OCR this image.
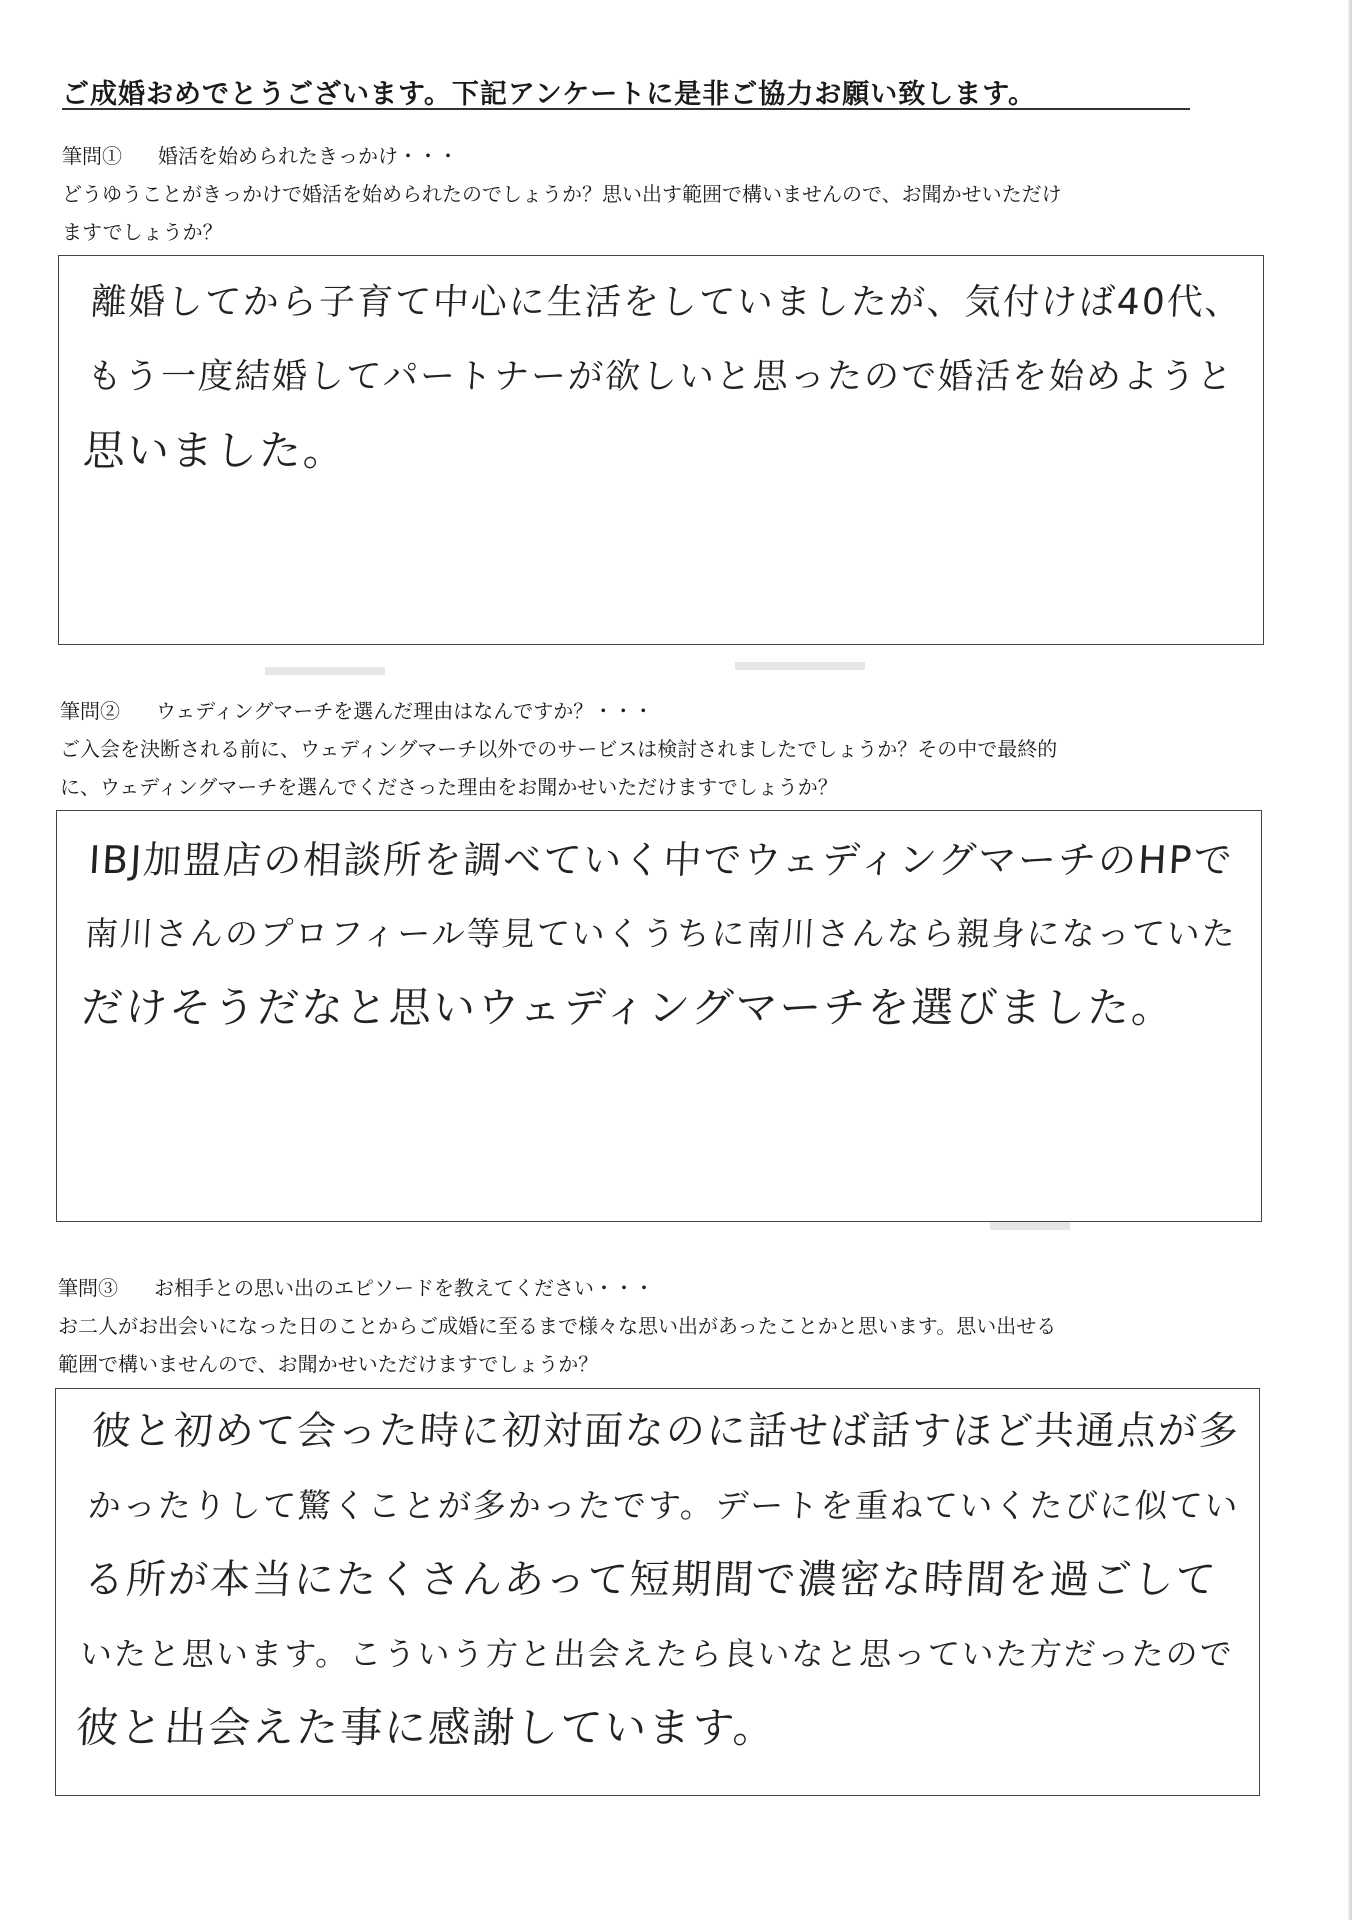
ご成婚おめでとうございます。下記アンケートに是非ご協力お願い致します。
筆問① 婚活を始められたきっかけ・・・
どうゆうことがきっかけで婚活を始められたのでしょうか？思い出す範囲で構いませんので、お聞かせいただけ
ますでしょうか？
離婚してから子育て中心に生活をしていましたが、気付けば40代、
もう一度結婚してパートナーが欲しいと思ったので婚活を始めようと
思いました。
筆問② ウェディングマーチを選んだ理由はなんですか？・・・
ご入会を決断される前に、ウェディングマーチ以外でのサービスは検討されましたでしょうか？その中で最終的
に、ウェディングマーチを選んでくださった理由をお聞かせいただけますでしょうか？
IBJ加盟店の相談所を調べていく中でウェディングマーチのHPで
南川さんのプロフィール等見ていくうちに南川さんなら親身になっていた
だけそうだなと思いウェディングマーチを選びました。
筆問③ お相手との思い出のエピソードを教えてください・・・
お二人がお出会いになった日のことからご成婚に至るまで様々な思い出があったことかと思います。思い出せる
範囲で構いませんので、お聞かせいただけますでしょうか？
彼と初めて会った時に初対面なのに話せば話すほど共通点が多
かったりして驚くことが多かったです。デートを重ねていくたびに似てい
る所が本当にたくさんあって短期間で濃密な時間を過ごして
いたと思います。こういう方と出会えたら良いなと思っていた方だったので
彼と出会えた事に感謝しています。
